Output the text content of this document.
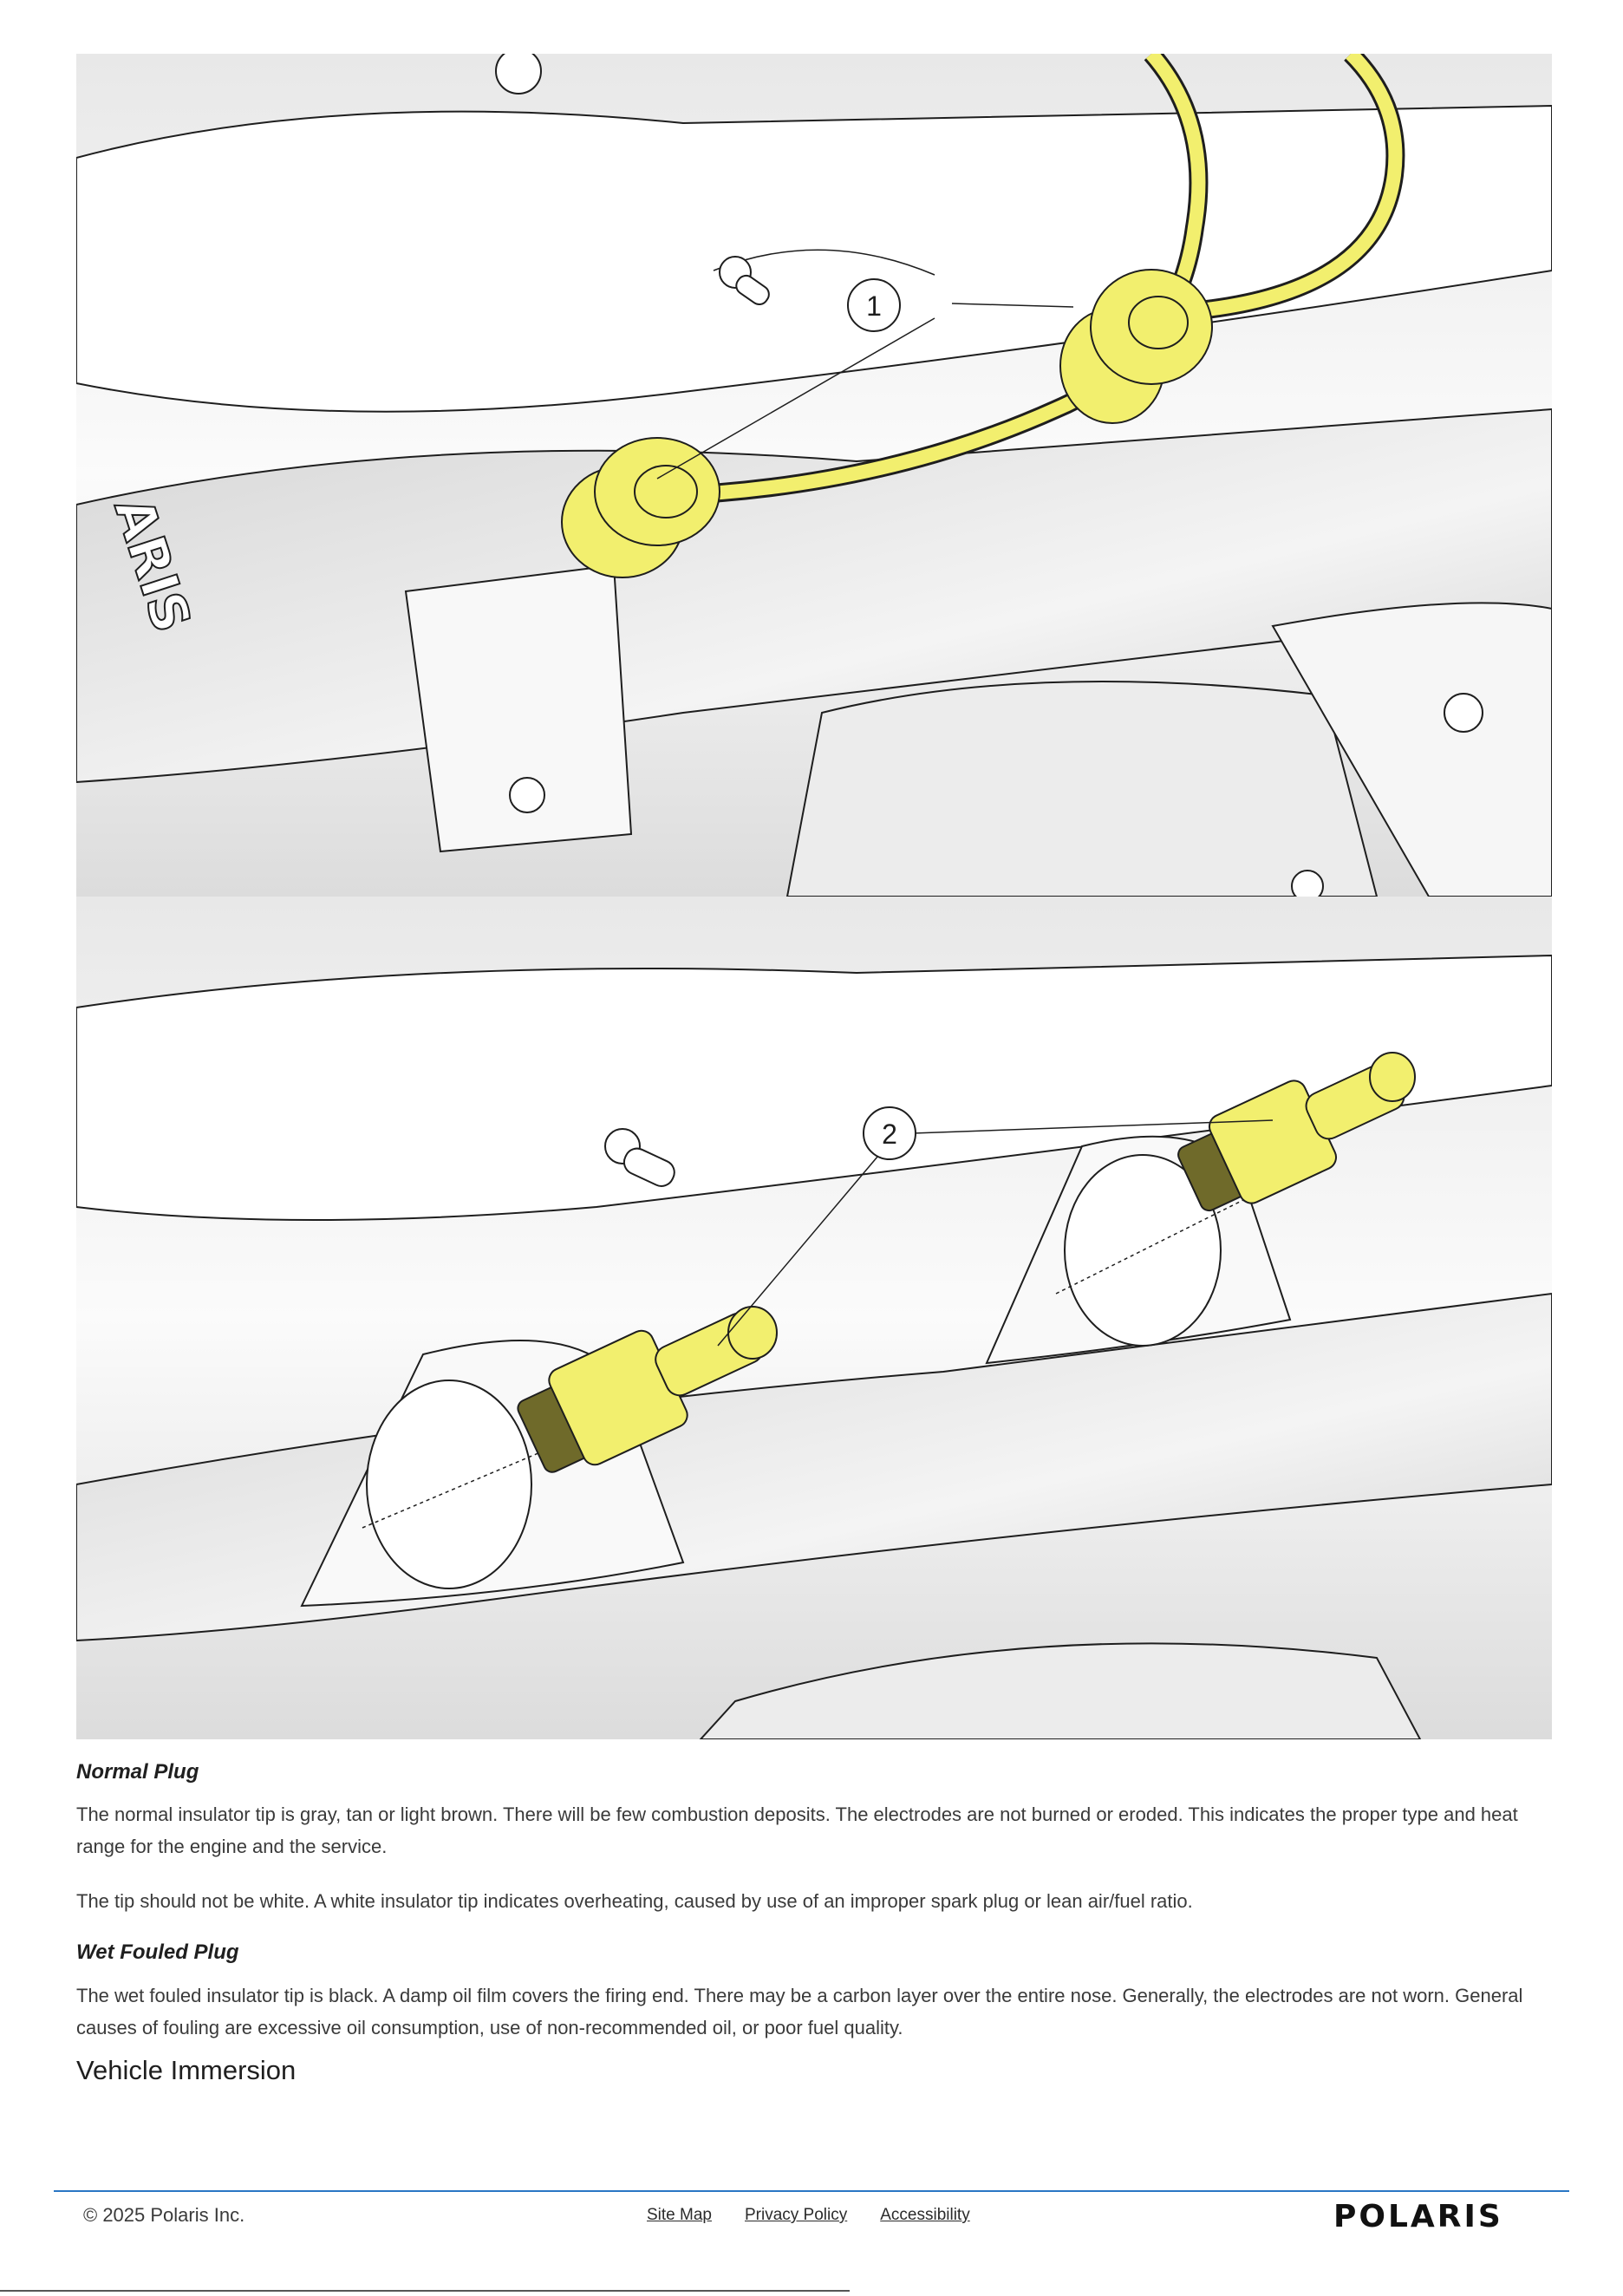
ARIS
1
2
Normal Plug

The normal insulator tip is gray, tan or light brown. There will be few combustion deposits. The electrodes are not burned or eroded. This indicates the proper type and heat range for the engine and the service.

The tip should not be white. A white insulator tip indicates overheating, caused by use of an improper spark plug or lean air/fuel ratio.

Wet Fouled Plug

The wet fouled insulator tip is black. A damp oil film covers the firing end. There may be a carbon layer over the entire nose. Generally, the electrodes are not worn. General causes of fouling are excessive oil consumption, use of non-recommended oil, or poor fuel quality.

Vehicle Immersion
© 2025 Polaris Inc.	Site Map Privacy Policy Accessibility	POLARIS
